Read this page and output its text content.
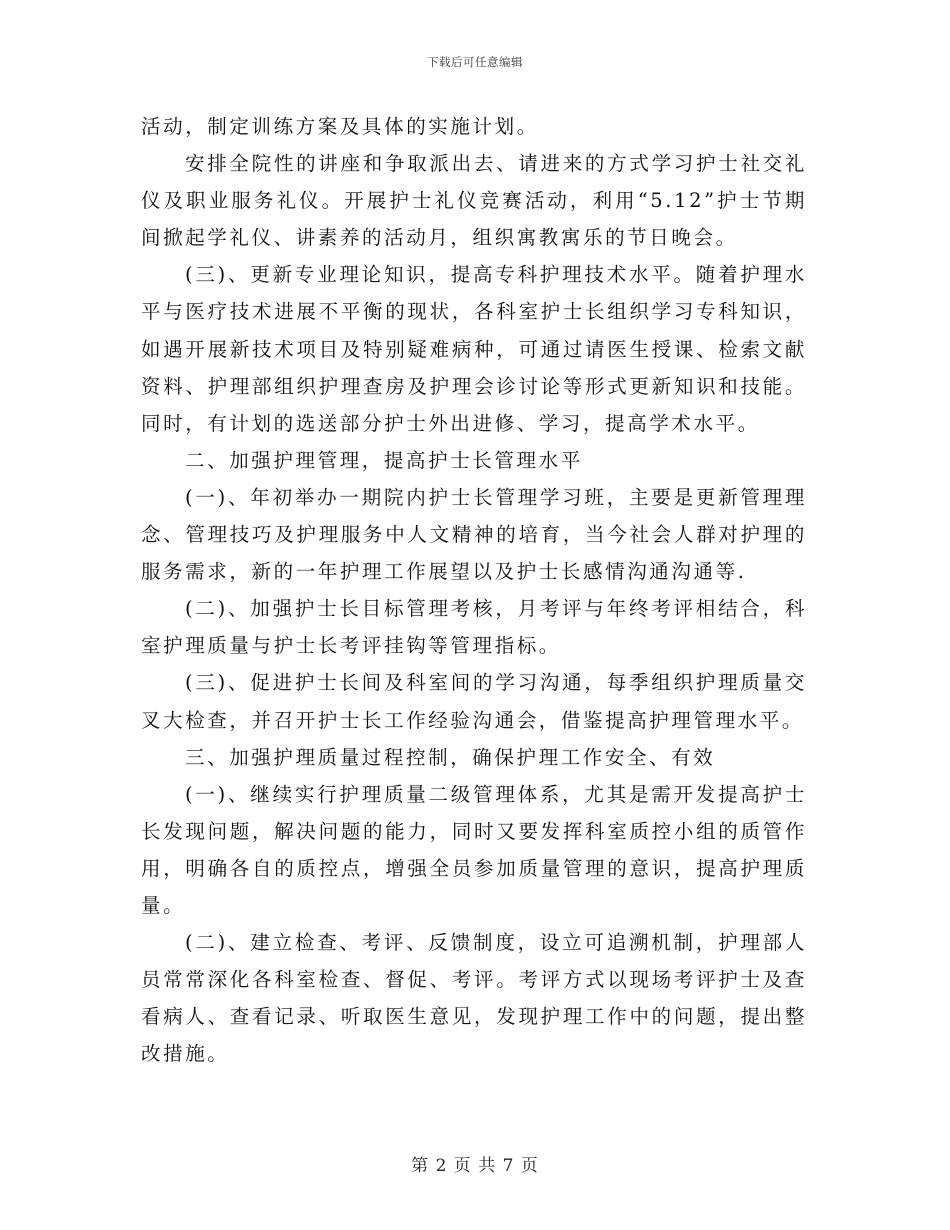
下载后可任意编辑

活动，制定训练方案及具体的实施计划。

安排全院性的讲座和争取派出去、请进来的方式学习护士社交礼仪及职业服务礼仪。开展护士礼仪竞赛活动，利用“5.12”护士节期间掀起学礼仪、讲素养的活动月，组织寓教寓乐的节日晚会。

(三)、更新专业理论知识，提高专科护理技术水平。随着护理水平与医疗技术进展不平衡的现状，各科室护士长组织学习专科知识，如遇开展新技术项目及特别疑难病种，可通过请医生授课、检索文献资料、护理部组织护理查房及护理会诊讨论等形式更新知识和技能。同时，有计划的选送部分护士外出进修、学习，提高学术水平。

二、加强护理管理，提高护士长管理水平

(一)、年初举办一期院内护士长管理学习班，主要是更新管理理念、管理技巧及护理服务中人文精神的培育，当今社会人群对护理的服务需求，新的一年护理工作展望以及护士长感情沟通沟通等.

(二)、加强护士长目标管理考核，月考评与年终考评相结合，科室护理质量与护士长考评挂钩等管理指标。

(三)、促进护士长间及科室间的学习沟通，每季组织护理质量交叉大检查，并召开护士长工作经验沟通会，借鉴提高护理管理水平。

三、加强护理质量过程控制，确保护理工作安全、有效

(一)、继续实行护理质量二级管理体系，尤其是需开发提高护士长发现问题，解决问题的能力，同时又要发挥科室质控小组的质管作用，明确各自的质控点，增强全员参加质量管理的意识，提高护理质量。

(二)、建立检查、考评、反馈制度，设立可追溯机制，护理部人员常常深化各科室检查、督促、考评。考评方式以现场考评护士及查看病人、查看记录、听取医生意见，发现护理工作中的问题，提出整改措施。

第 2 页 共 7 页
